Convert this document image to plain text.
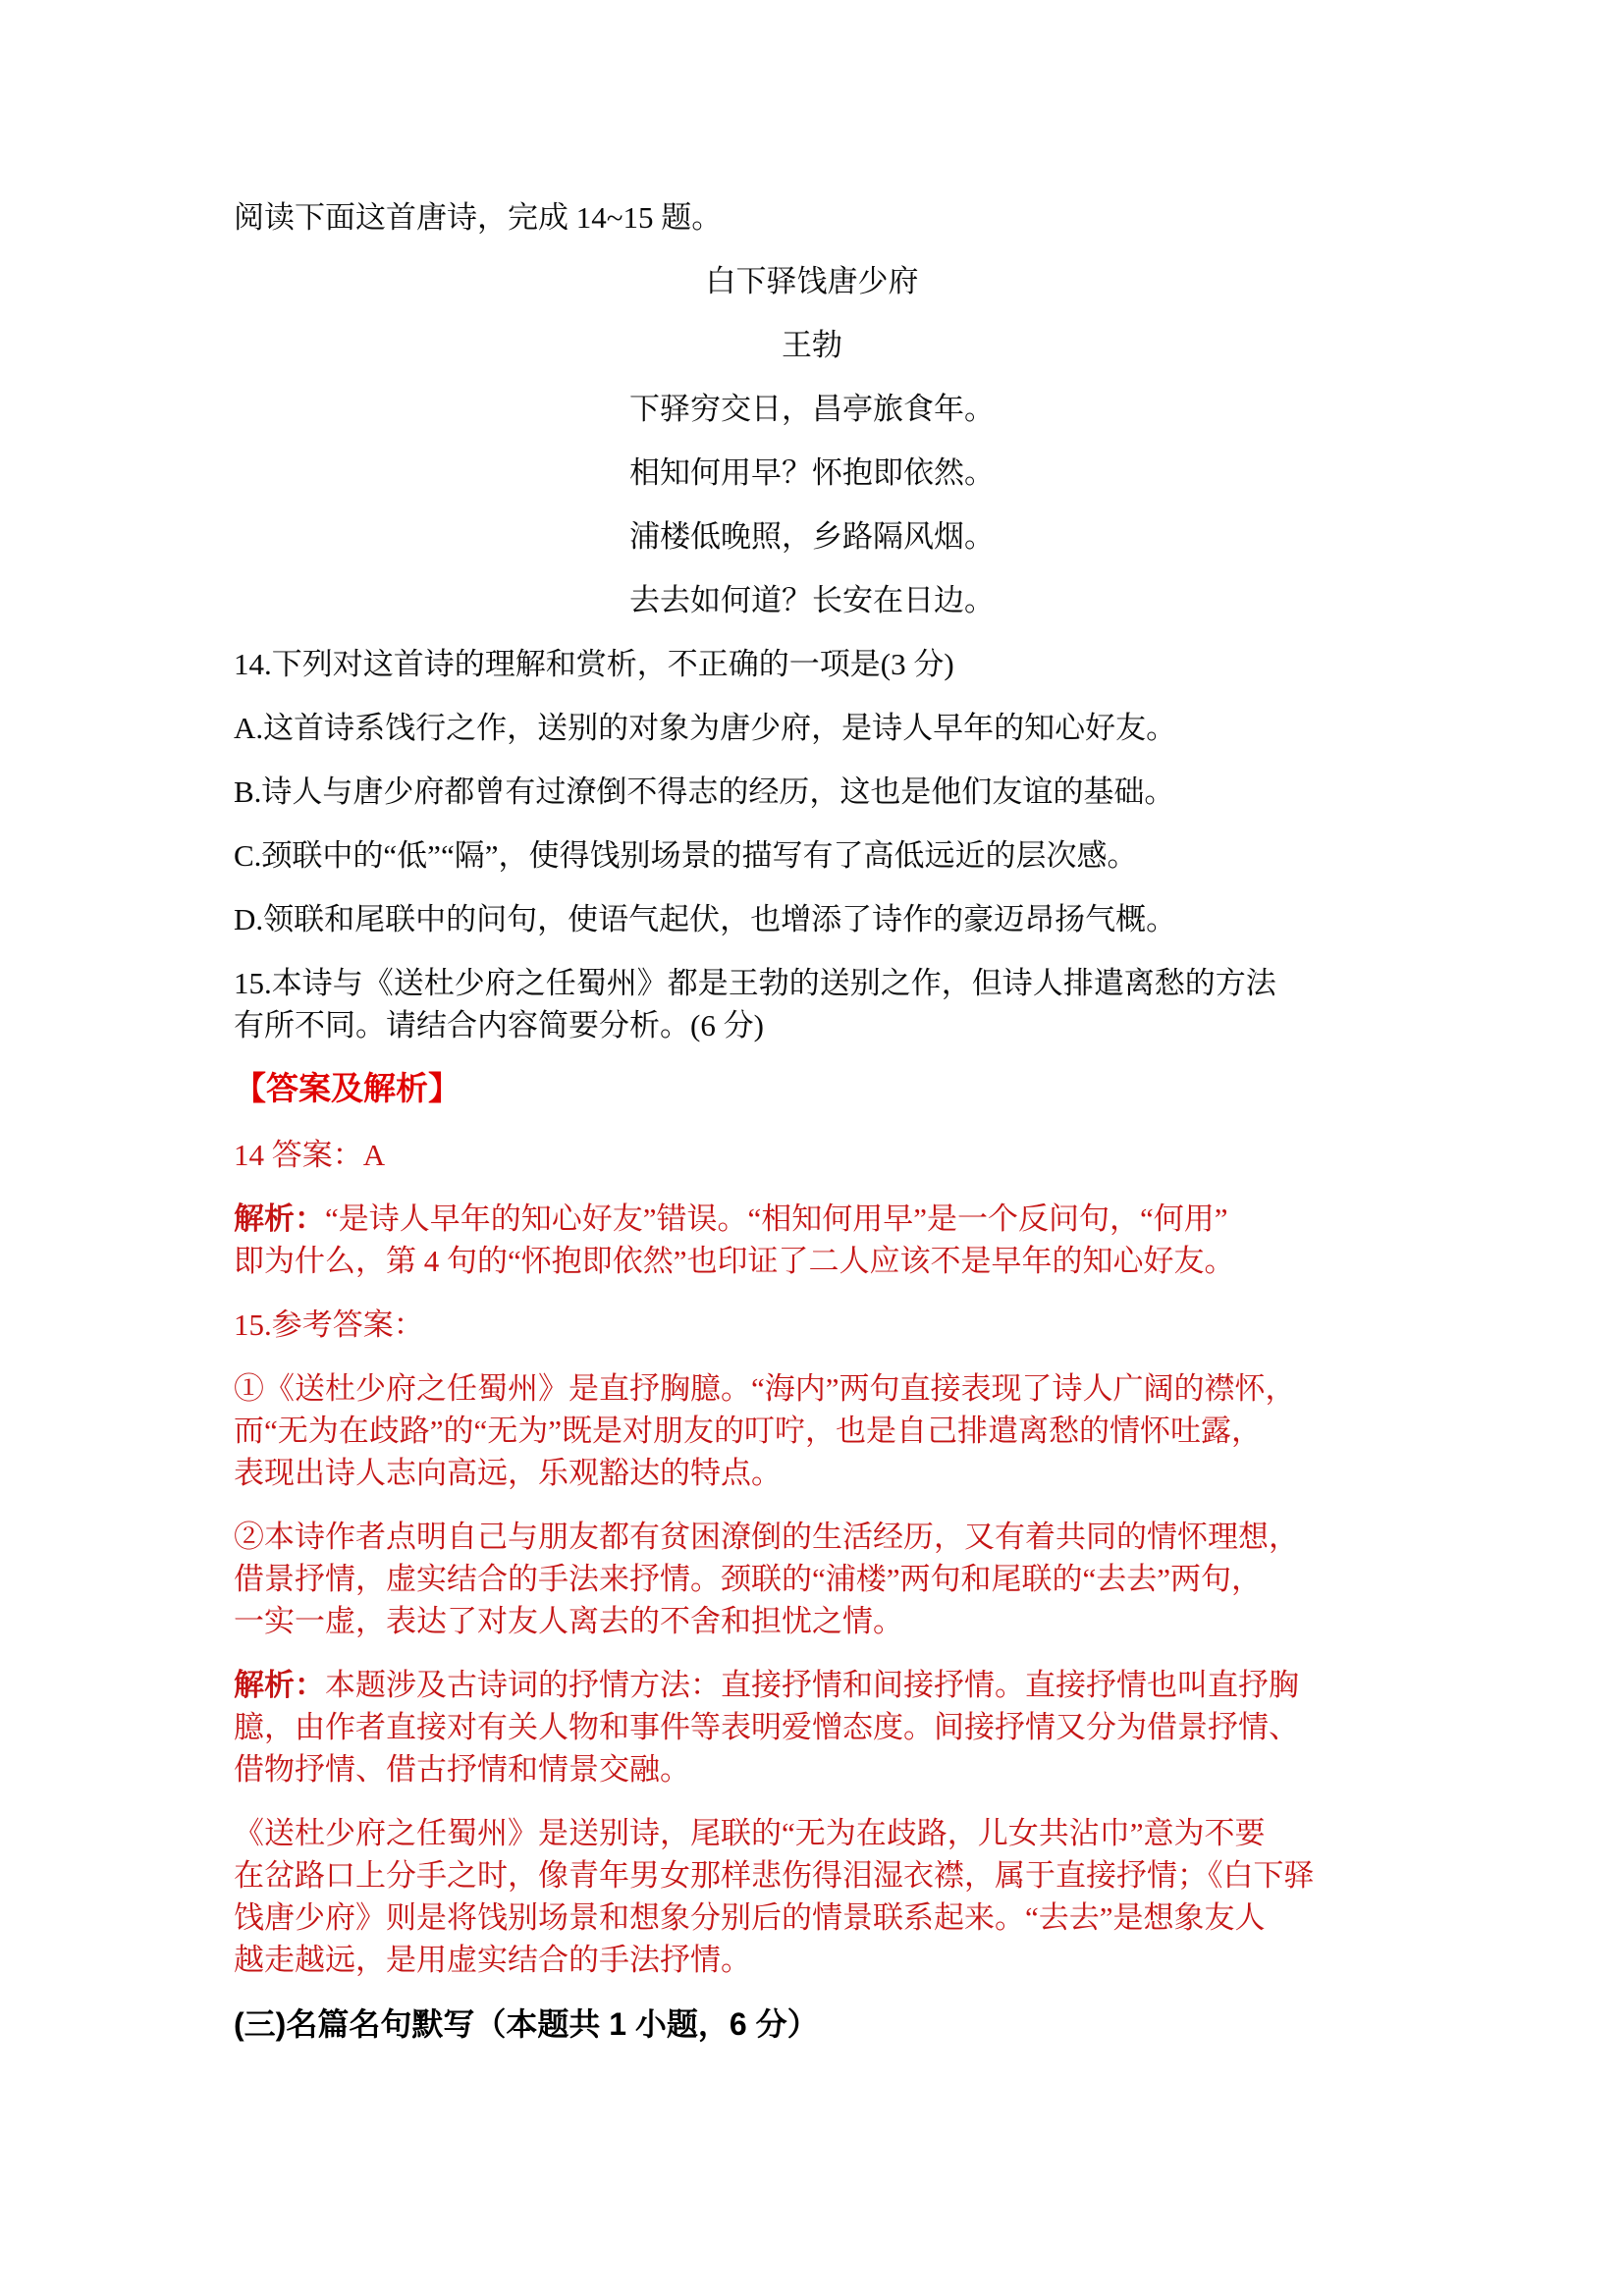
阅读下面这首唐诗，完成 14~15 题。
白下驿饯唐少府
王勃
下驿穷交日，昌亭旅食年。
相知何用早？怀抱即依然。
浦楼低晚照，乡路隔风烟。
去去如何道？长安在日边。
14.下列对这首诗的理解和赏析，不正确的一项是(3 分)
A.这首诗系饯行之作，送别的对象为唐少府，是诗人早年的知心好友。
B.诗人与唐少府都曾有过潦倒不得志的经历，这也是他们友谊的基础。
C.颈联中的“低”“隔”，使得饯别场景的描写有了高低远近的层次感。
D.领联和尾联中的问句，使语气起伏，也增添了诗作的豪迈昂扬气概。
15.本诗与《送杜少府之任蜀州》都是王勃的送别之作，但诗人排遣离愁的方法
有所不同。请结合内容简要分析。(6 分)
【答案及解析】
14 答案：A
解析：“是诗人早年的知心好友”错误。“相知何用早”是一个反问句，“何用”
即为什么，第 4 句的“怀抱即依然”也印证了二人应该不是早年的知心好友。
15.参考答案：
①《送杜少府之任蜀州》是直抒胸臆。“海内”两句直接表现了诗人广阔的襟怀，
而“无为在歧路”的“无为”既是对朋友的叮咛，也是自己排遣离愁的情怀吐露，
表现出诗人志向高远，乐观豁达的特点。
②本诗作者点明自己与朋友都有贫困潦倒的生活经历，又有着共同的情怀理想，
借景抒情，虚实结合的手法来抒情。颈联的“浦楼”两句和尾联的“去去”两句，
一实一虚，表达了对友人离去的不舍和担忧之情。
解析：本题涉及古诗词的抒情方法：直接抒情和间接抒情。直接抒情也叫直抒胸
臆，由作者直接对有关人物和事件等表明爱憎态度。间接抒情又分为借景抒情、
借物抒情、借古抒情和情景交融。
《送杜少府之任蜀州》是送别诗，尾联的“无为在歧路，儿女共沾巾”意为不要
在岔路口上分手之时，像青年男女那样悲伤得泪湿衣襟，属于直接抒情；《白下驿
饯唐少府》则是将饯别场景和想象分别后的情景联系起来。“去去”是想象友人
越走越远，是用虚实结合的手法抒情。
(三)名篇名句默写（本题共 1 小题，6 分）
